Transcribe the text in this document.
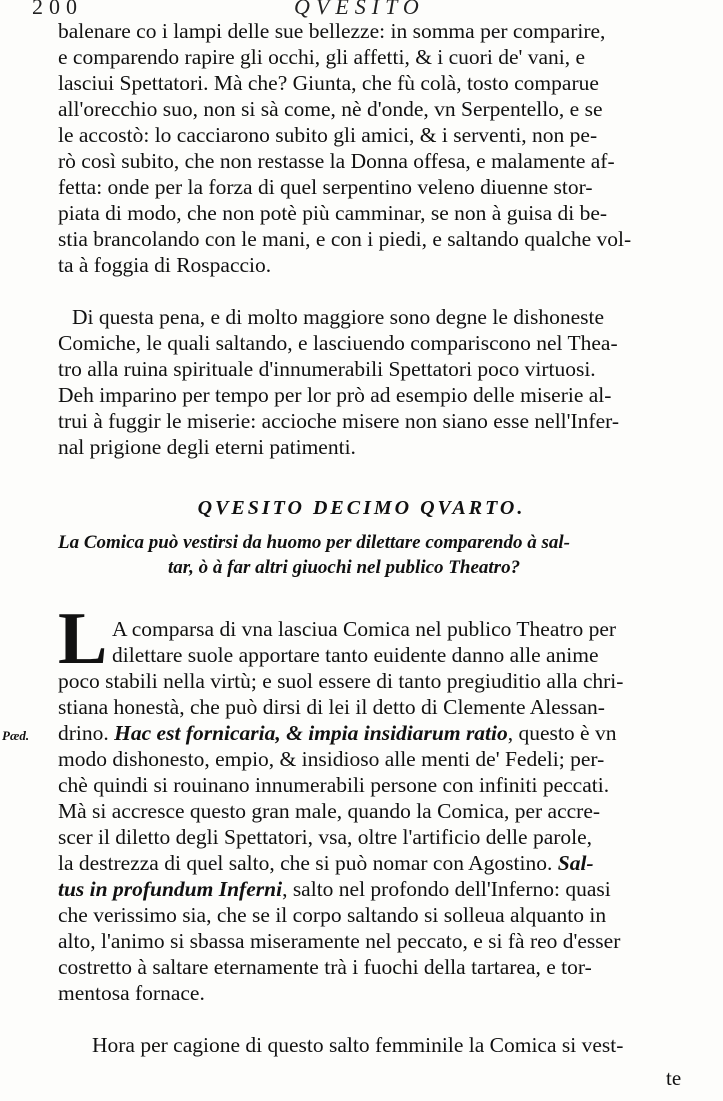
200	QVESITO
balenare co i lampi delle sue bellezze: in somma per comparire,
e comparendo rapire gli occhi, gli affetti, & i cuori de' vani, e
lasciui Spettatori. Mà che? Giunta, che fù colà, tosto comparue
all'orecchio suo, non si sà come, nè d'onde, vn Serpentello, e se
le accostò: lo cacciarono subito gli amici, & i serventi, non pe-
rò così subito, che non restasse la Donna offesa, e malamente af-
fetta: onde per la forza di quel serpentino veleno diuenne stor-
piata di modo, che non potè più camminar, se non à guisa di be-
stia brancolando con le mani, e con i piedi, e saltando qualche vol-
ta à foggia di Rospaccio.
Di questa pena, e di molto maggiore sono degne le dishoneste
Comiche, le quali saltando, e lasciuendo compariscono nel Thea-
tro alla ruina spirituale d'innumerabili Spettatori poco virtuosi.
Deh imparino per tempo per lor prò ad esempio delle miserie al-
trui à fuggir le miserie: accioche misere non siano esse nell'Infer-
nal prigione degli eterni patimenti.
QVESITO DECIMO QVARTO.
La Comica può vestirsi da huomo per dilettare comparendo à sal-
tar, ò à far altri giuochi nel publico Theatro?
L
Pæd.
A comparsa di vna lasciua Comica nel publico Theatro per
dilettare suole apportare tanto euidente danno alle anime
poco stabili nella virtù; e suol essere di tanto pregiuditio alla chri-
stiana honestà, che può dirsi di lei il detto di Clemente Alessan-
drino. Hac est fornicaria, & impia insidiarum ratio, questo è vn
modo dishonesto, empio, & insidioso alle menti de' Fedeli; per-
chè quindi si rouinano innumerabili persone con infiniti peccati.
Mà si accresce questo gran male, quando la Comica, per accre-
scer il diletto degli Spettatori, vsa, oltre l'artificio delle parole,
la destrezza di quel salto, che si può nomar con Agostino. Sal-
tus in profundum Inferni, salto nel profondo dell'Inferno: quasi
che verissimo sia, che se il corpo saltando si solleua alquanto in
alto, l'animo si sbassa miseramente nel peccato, e si fà reo d'esser
costretto à saltare eternamente trà i fuochi della tartarea, e tor-
mentosa fornace.
Hora per cagione di questo salto femminile la Comica si vest-
te
